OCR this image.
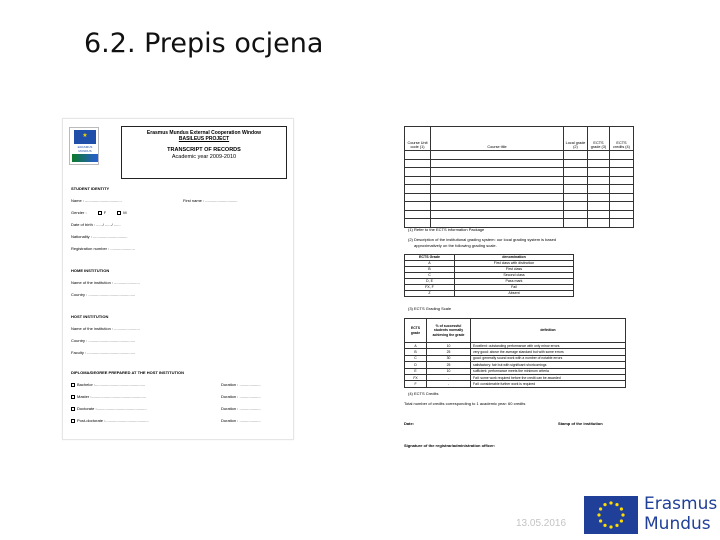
6.2. Prepis ocjena
★
ERASMUS MUNDUS
Erasmus Mundus External Cooperation Window
BASILEUS PROJECT
TRANSCRIPT OF RECORDS
Academic year 2009-2010
STUDENT IDENTITY
Name : .................................	First name : .............................
Gender :	F	M
Date of birth : ....../ ....../ ......
Nationality : ...............................
Registration number : ......................
HOME INSTITUTION
Name of the institution : .......................
Country : ..........................................
HOST INSTITUTION
Name of the institution : .......................
Country : ..........................................
Faculty : ...........................................
DIPLOMA/DEGREE PREPARED AT THE HOST INSTITUTION
Bachelor :.............................................	Duration : ...................
Master :.................................................	Duration : ...................
Doctorate :.............................................	Duration : ...................
Post-doctorate :.......................................	Duration : ...................
Course Unit code (1)	Course title	Local grade (2)	ECTS grade (3)	ECTS credits (4)

(1) Refer to the ECTS information Package
(2) Description of the institutional grading system: our local grading system is based
approximatively on the following grading scale.
ECTS Grade	denomination
A	First class with distinction
B	First class
C	Second class
D, E	Pass mark
FX, F	Fail
Z	Absent
(3) ECTS Grading Scale
ECTS grade	% of successful students normally achieving the grade	definition
A	10	Excellent: outstanding performance with only minor errors
B	25	very good: above the average standard but with some errors
C	30	good: generally sound work with a number of notable errors
D	25	satisfactory: fair but with significant shortcomings
E	10	sufficient: performance meets the minimum criteria
FX	-	Fail: some work required before the credit can be awarded
F	-	Fail: considerable further work is required
(4) ECTS Credits
Total number of credits corresponding to 1 academic year: 60 credits
Date:	Stamp of the institution
Signature of the registrar/administration officer:
13.05.2016
Erasmus
Mundus
